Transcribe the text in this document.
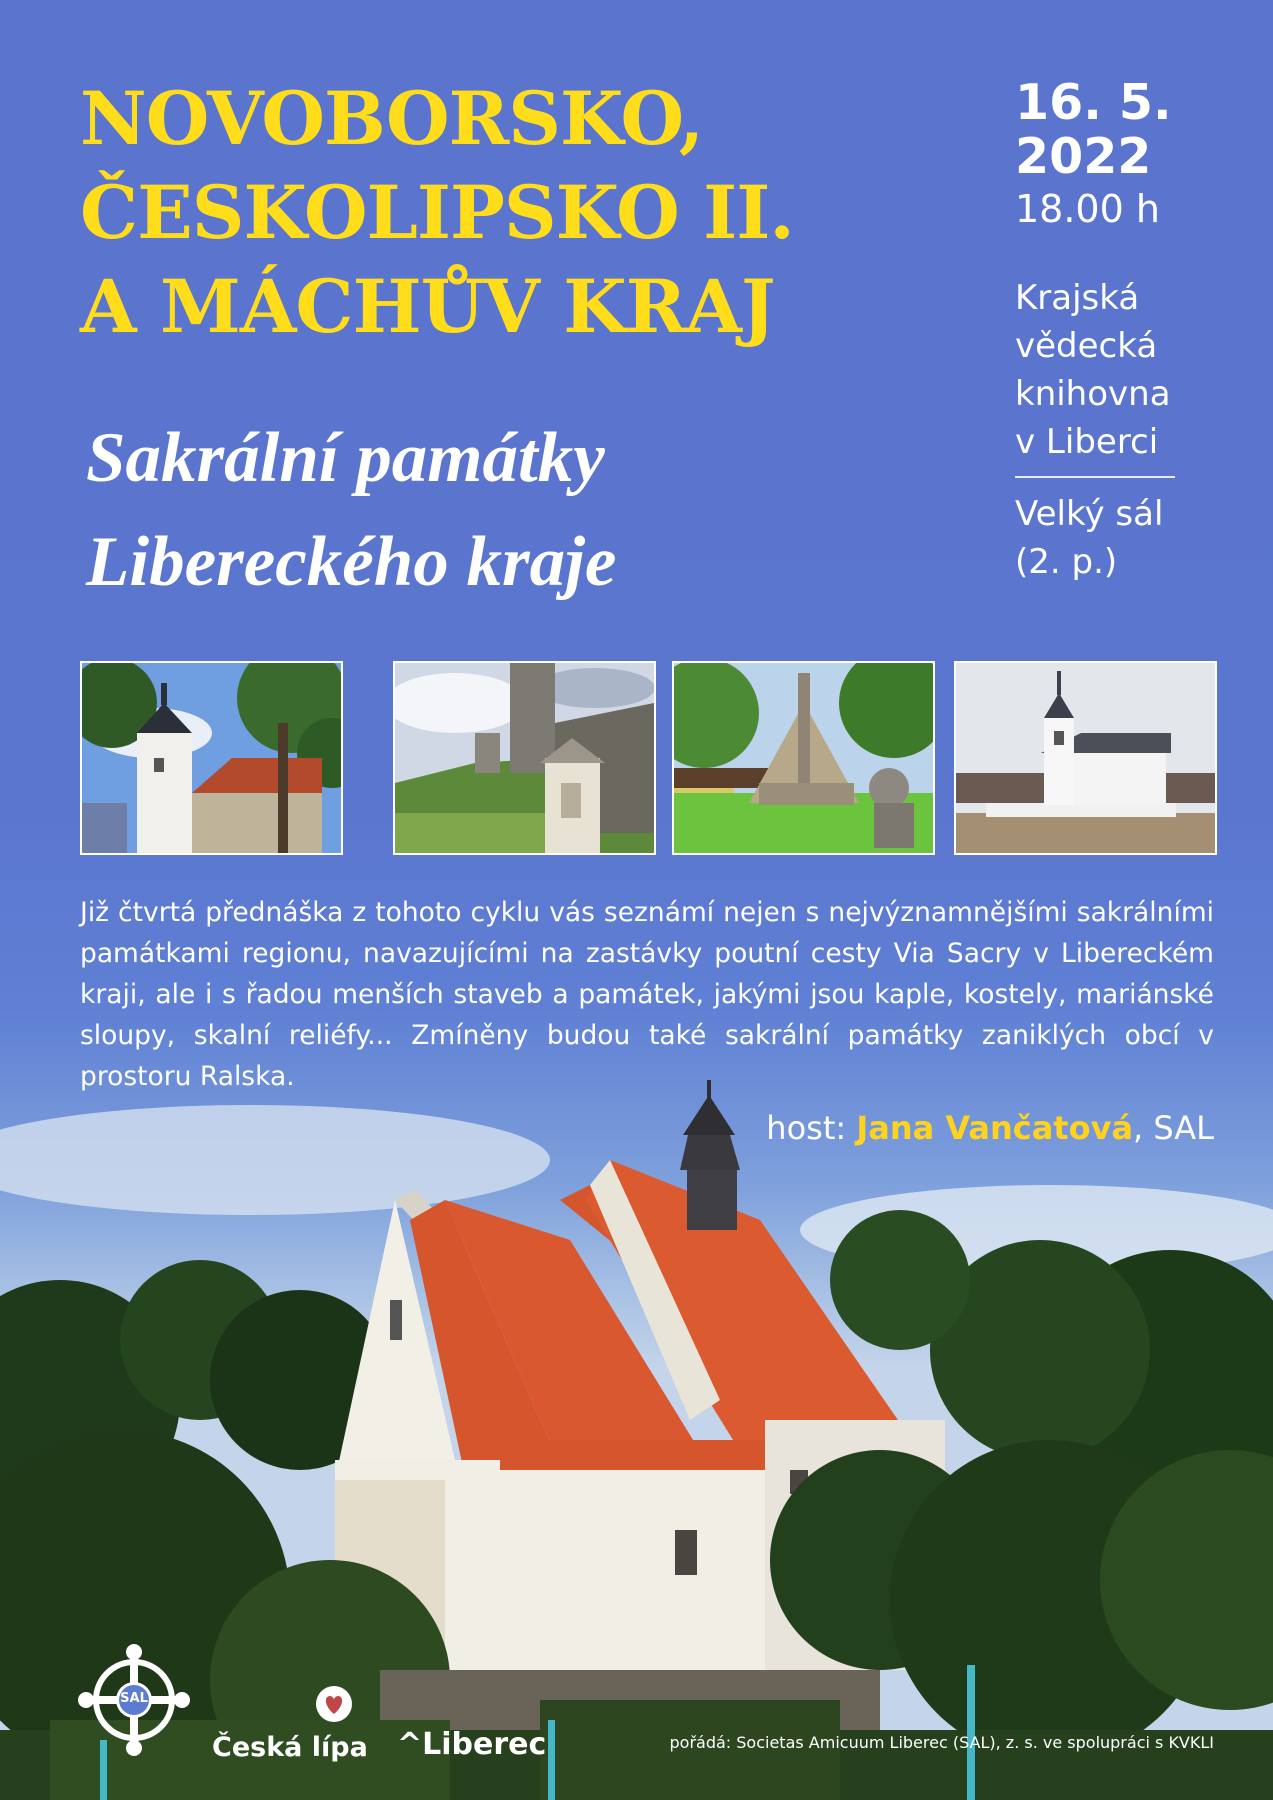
NOVOBORSKO,
ČESKOLIPSKO II.
A MÁCHŮV KRAJ
Sakrální památky
Libereckého kraje
16. 5.
2022
18.00 h
Krajská
vědecká
knihovna
v Liberci
Velký sál
(2. p.)

Již čtvrtá přednáška z tohoto cyklu vás seznámí nejen s nejvýznamnějšími sakrálními památkami regionu, navazujícími na zastávky poutní cesty Via Sacry v Libereckém kraji, ale i s řadou menších staveb a památek, jakými jsou kaple, kostely, mariánské sloupy, skalní reliéfy... Zmíněny budou také sakrální památky zaniklých obcí v prostoru Ralska.

host: Jana Vančatová, SAL

SAL
Česká lípa ^Liberec	pořádá: Societas Amicuum Liberec (SAL), z. s. ve spolupráci s KVKLI
